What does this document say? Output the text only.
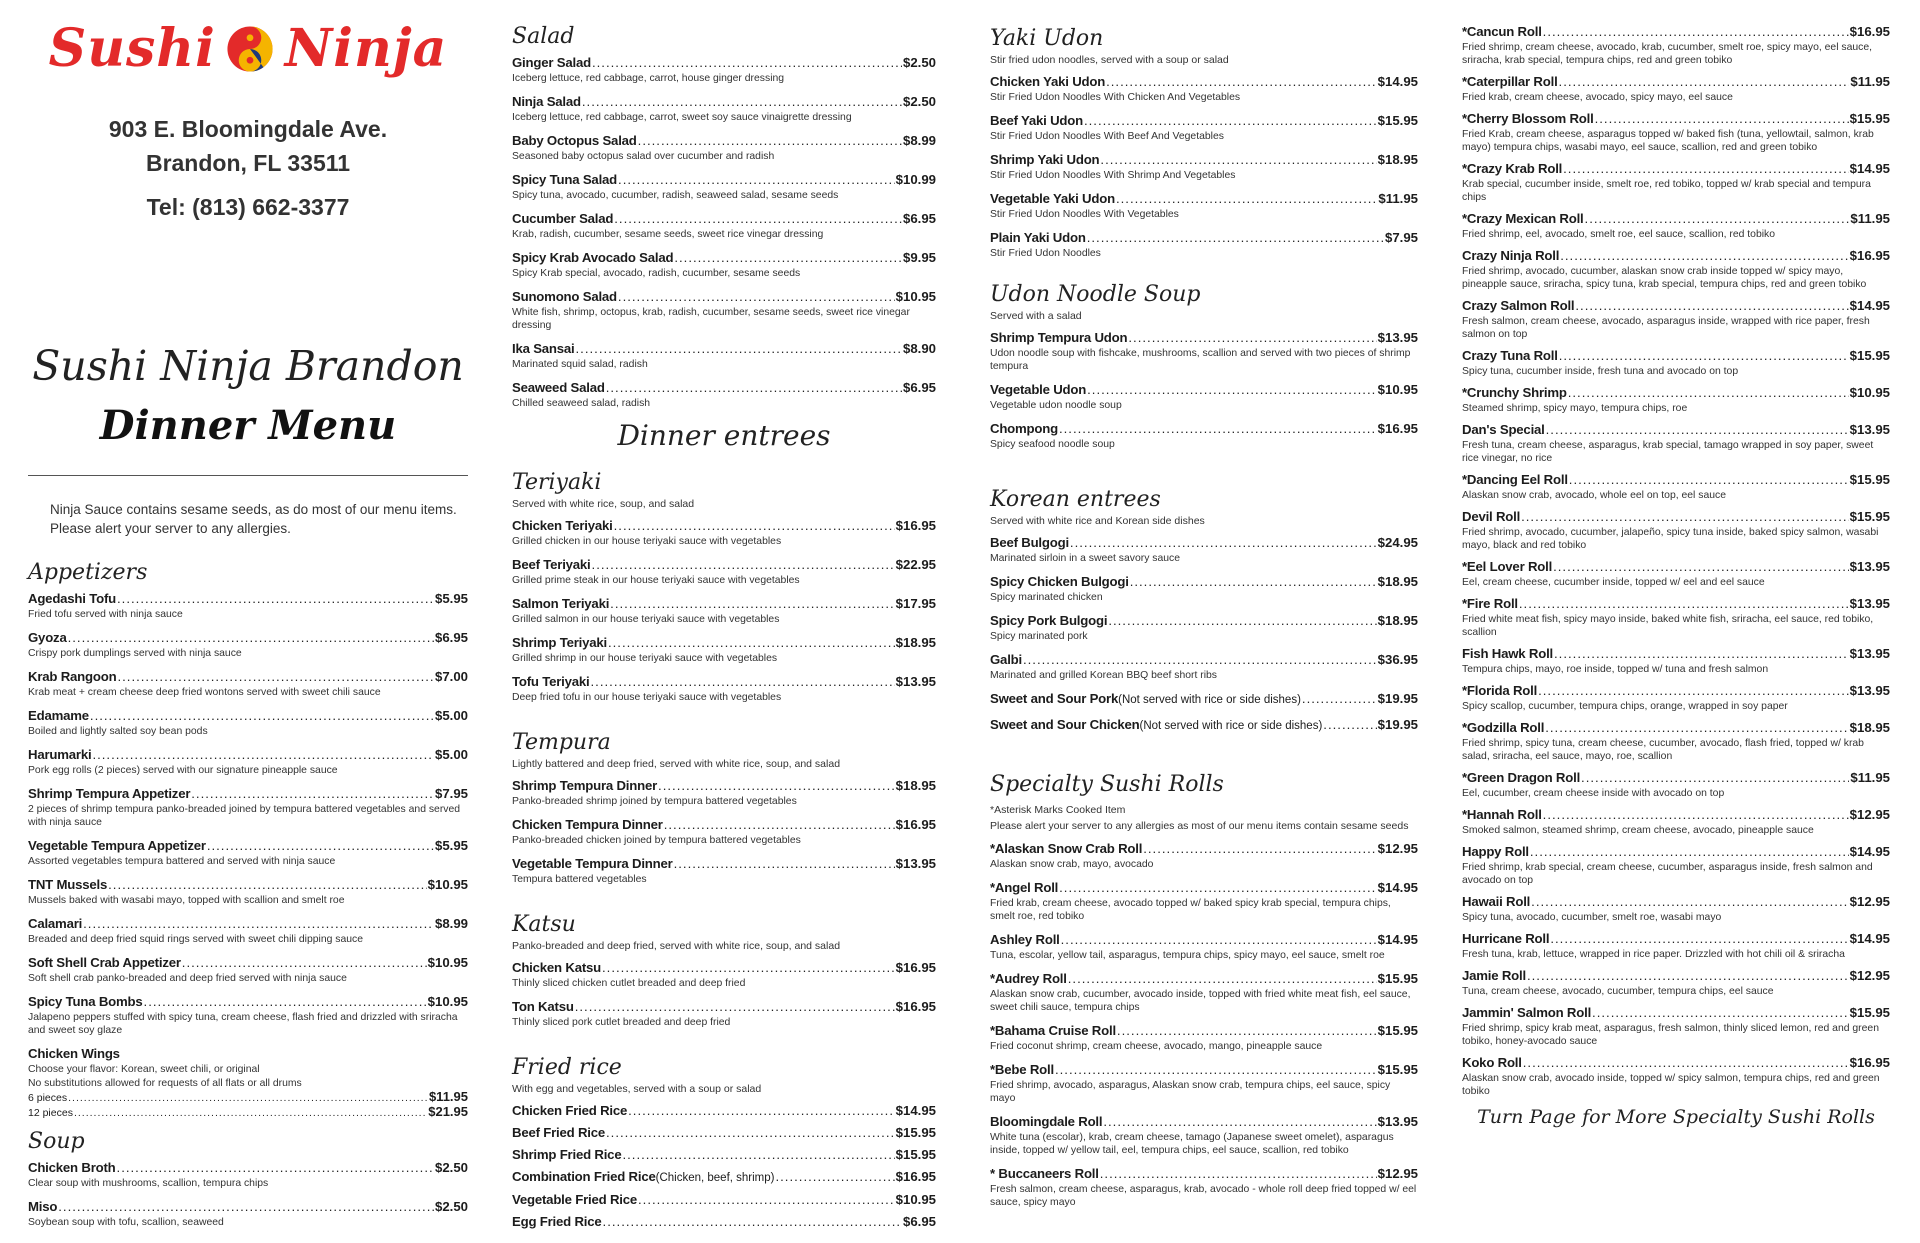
Sushi Ninja
903 E. Bloomingdale Ave.
Brandon, FL 33511
Tel: (813) 662-3377
Sushi Ninja Brandon
Dinner Menu
Ninja Sauce contains sesame seeds, as do most of our menu items. Please alert your server to any allergies.
Appetizers
Agedashi Tofu .....	$5.95
Fried tofu served with ninja sauce
Gyoza .....	$6.95
Crispy pork dumplings served with ninja sauce
Krab Rangoon .....	$7.00
Krab meat + cream cheese deep fried wontons served with sweet chili sauce
Edamame .....	$5.00
Boiled and lightly salted soy bean pods
Harumarki .....	$5.00
Pork egg rolls (2 pieces) served with our signature pineapple sauce
Shrimp Tempura Appetizer .....	$7.95
2 pieces of shrimp tempura panko-breaded joined by tempura battered vegetables and served with ninja sauce
Vegetable Tempura Appetizer .....	$5.95
Assorted vegetables tempura battered and served with ninja sauce
TNT Mussels .....	$10.95
Mussels baked with wasabi mayo, topped with scallion and smelt roe
Calamari .....	$8.99
Breaded and deep fried squid rings served with sweet chili dipping sauce
Soft Shell Crab Appetizer .....	$10.95
Soft shell crab panko-breaded and deep fried served with ninja sauce
Spicy Tuna Bombs .....	$10.95
Jalapeno peppers stuffed with spicy tuna, cream cheese, flash fried and drizzled with sriracha and sweet soy glaze
Chicken Wings
Choose your flavor: Korean, sweet chili, or original
No substitutions allowed for requests of all flats or all drums
6 pieces .....	$11.95
12 pieces .....	$21.95
Soup
Chicken Broth .....	$2.50
Clear soup with mushrooms, scallion, tempura chips
Miso .....	$2.50
Soybean soup with tofu, scallion, seaweed
Salad
Ginger Salad .....	$2.50
Iceberg lettuce, red cabbage, carrot, house ginger dressing
Ninja Salad .....	$2.50
Iceberg lettuce, red cabbage, carrot, sweet soy sauce vinaigrette dressing
Baby Octopus Salad .....	$8.99
Seasoned baby octopus salad over cucumber and radish
Spicy Tuna Salad .....	$10.99
Spicy tuna, avocado, cucumber, radish, seaweed salad, sesame seeds
Cucumber Salad .....	$6.95
Krab, radish, cucumber, sesame seeds, sweet rice vinegar dressing
Spicy Krab Avocado Salad .....	$9.95
Spicy Krab special, avocado, radish, cucumber, sesame seeds
Sunomono Salad .....	$10.95
White fish, shrimp, octopus, krab, radish, cucumber, sesame seeds, sweet rice vinegar dressing
Ika Sansai .....	$8.90
Marinated squid salad, radish
Seaweed Salad .....	$6.95
Chilled seaweed salad, radish
Dinner entrees
Teriyaki
Served with white rice, soup, and salad
Chicken Teriyaki .....	$16.95
Grilled chicken in our house teriyaki sauce with vegetables
Beef Teriyaki .....	$22.95
Grilled prime steak in our house teriyaki sauce with vegetables
Salmon Teriyaki .....	$17.95
Grilled salmon in our house teriyaki sauce with vegetables
Shrimp Teriyaki .....	$18.95
Grilled shrimp in our house teriyaki sauce with vegetables
Tofu Teriyaki .....	$13.95
Deep fried tofu in our house teriyaki sauce with vegetables
Tempura
Lightly battered and deep fried, served with white rice, soup, and salad
Shrimp Tempura Dinner .....	$18.95
Panko-breaded shrimp joined by tempura battered vegetables
Chicken Tempura Dinner .....	$16.95
Panko-breaded chicken joined by tempura battered vegetables
Vegetable Tempura Dinner .....	$13.95
Tempura battered vegetables
Katsu
Panko-breaded and deep fried, served with white rice, soup, and salad
Chicken Katsu .....	$16.95
Thinly sliced chicken cutlet breaded and deep fried
Ton Katsu .....	$16.95
Thinly sliced pork cutlet breaded and deep fried
Fried rice
With egg and vegetables, served with a soup or salad
Chicken Fried Rice .....	$14.95
Beef Fried Rice .....	$15.95
Shrimp Fried Rice .....	$15.95
Combination Fried Rice (Chicken, beef, shrimp) .....	$16.95
Vegetable Fried Rice .....	$10.95
Egg Fried Rice .....	$6.95
Yaki Udon
Stir fried udon noodles, served with a soup or salad
Chicken Yaki Udon .....	$14.95
Stir Fried Udon Noodles With Chicken And Vegetables
Beef Yaki Udon .....	$15.95
Stir Fried Udon Noodles With Beef And Vegetables
Shrimp Yaki Udon .....	$18.95
Stir Fried Udon Noodles With Shrimp And Vegetables
Vegetable Yaki Udon .....	$11.95
Stir Fried Udon Noodles With Vegetables
Plain Yaki Udon .....	$7.95
Stir Fried Udon Noodles
Udon Noodle Soup
Served with a salad
Shrimp Tempura Udon .....	$13.95
Udon noodle soup with fishcake, mushrooms, scallion and served with two pieces of shrimp tempura
Vegetable Udon .....	$10.95
Vegetable udon noodle soup
Chompong .....	$16.95
Spicy seafood noodle soup
Korean entrees
Served with white rice and Korean side dishes
Beef Bulgogi .....	$24.95
Marinated sirloin in a sweet savory sauce
Spicy Chicken Bulgogi .....	$18.95
Spicy marinated chicken
Spicy Pork Bulgogi .....	$18.95
Spicy marinated pork
Galbi .....	$36.95
Marinated and grilled Korean BBQ beef short ribs
Sweet and Sour Pork (Not served with rice or side dishes) .....	$19.95
Sweet and Sour Chicken (Not served with rice or side dishes) .....	$19.95
Specialty Sushi Rolls
*Asterisk Marks Cooked Item
Please alert your server to any allergies as most of our menu items contain sesame seeds
*Alaskan Snow Crab Roll .....	$12.95
Alaskan snow crab, mayo, avocado
*Angel Roll .....	$14.95
Fried krab, cream cheese, avocado topped w/ baked spicy krab special, tempura chips, smelt roe, red tobiko
Ashley Roll .....	$14.95
Tuna, escolar, yellow tail, asparagus, tempura chips, spicy mayo, eel sauce, smelt roe
*Audrey Roll .....	$15.95
Alaskan snow crab, cucumber, avocado inside, topped with fried white meat fish, eel sauce, sweet chili sauce, tempura chips
*Bahama Cruise Roll .....	$15.95
Fried coconut shrimp, cream cheese, avocado, mango, pineapple sauce
*Bebe Roll .....	$15.95
Fried shrimp, avocado, asparagus, Alaskan snow crab, tempura chips, eel sauce, spicy mayo
Bloomingdale Roll .....	$13.95
White tuna (escolar), krab, cream cheese, tamago (Japanese sweet omelet), asparagus inside, topped w/ yellow tail, eel, tempura chips, eel sauce, scallion, red tobiko
* Buccaneers Roll .....	$12.95
Fresh salmon, cream cheese, asparagus, krab, avocado - whole roll deep fried topped w/ eel sauce, spicy mayo
*Cancun Roll .....	$16.95
Fried shrimp, cream cheese, avocado, krab, cucumber, smelt roe, spicy mayo, eel sauce, sriracha, krab special, tempura chips, red and green tobiko
*Caterpillar Roll .....	$11.95
Fried krab, cream cheese, avocado, spicy mayo, eel sauce
*Cherry Blossom Roll .....	$15.95
Fried Krab, cream cheese, asparagus topped w/ baked fish (tuna, yellowtail, salmon, krab mayo) tempura chips, wasabi mayo, eel sauce, scallion, red and green tobiko
*Crazy Krab Roll .....	$14.95
Krab special, cucumber inside, smelt roe, red tobiko, topped w/ krab special and tempura chips
*Crazy Mexican Roll .....	$11.95
Fried shrimp, eel, avocado, smelt roe, eel sauce, scallion, red tobiko
Crazy Ninja Roll .....	$16.95
Fried shrimp, avocado, cucumber, alaskan snow crab inside topped w/ spicy mayo, pineapple sauce, sriracha, spicy tuna, krab special, tempura chips, red and green tobiko
Crazy Salmon Roll .....	$14.95
Fresh salmon, cream cheese, avocado, asparagus inside, wrapped with rice paper, fresh salmon on top
Crazy Tuna Roll .....	$15.95
Spicy tuna, cucumber inside, fresh tuna and avocado on top
*Crunchy Shrimp .....	$10.95
Steamed shrimp, spicy mayo, tempura chips, roe
Dan's Special .....	$13.95
Fresh tuna, cream cheese, asparagus, krab special, tamago wrapped in soy paper, sweet rice vinegar, no rice
*Dancing Eel Roll .....	$15.95
Alaskan snow crab, avocado, whole eel on top, eel sauce
Devil Roll .....	$15.95
Fried shrimp, avocado, cucumber, jalapeño, spicy tuna inside, baked spicy salmon, wasabi mayo, black and red tobiko
*Eel Lover Roll .....	$13.95
Eel, cream cheese, cucumber inside, topped w/ eel and eel sauce
*Fire Roll .....	$13.95
Fried white meat fish, spicy mayo inside, baked white fish, sriracha, eel sauce, red tobiko, scallion
Fish Hawk Roll .....	$13.95
Tempura chips, mayo, roe inside, topped w/ tuna and fresh salmon
*Florida Roll .....	$13.95
Spicy scallop, cucumber, tempura chips, orange, wrapped in soy paper
*Godzilla Roll .....	$18.95
Fried shrimp, spicy tuna, cream cheese, cucumber, avocado, flash fried, topped w/ krab salad, sriracha, eel sauce, mayo, roe, scallion
*Green Dragon Roll .....	$11.95
Eel, cucumber, cream cheese inside with avocado on top
*Hannah Roll .....	$12.95
Smoked salmon, steamed shrimp, cream cheese, avocado, pineapple sauce
Happy Roll .....	$14.95
Fried shrimp, krab special, cream cheese, cucumber, asparagus inside, fresh salmon and avocado on top
Hawaii Roll .....	$12.95
Spicy tuna, avocado, cucumber, smelt roe, wasabi mayo
Hurricane Roll .....	$14.95
Fresh tuna, krab, lettuce, wrapped in rice paper. Drizzled with hot chili oil & sriracha
Jamie Roll .....	$12.95
Tuna, cream cheese, avocado, cucumber, tempura chips, eel sauce
Jammin' Salmon Roll .....	$15.95
Fried shrimp, spicy krab meat, asparagus, fresh salmon, thinly sliced lemon, red and green tobiko, honey-avocado sauce
Koko Roll .....	$16.95
Alaskan snow crab, avocado inside, topped w/ spicy salmon, tempura chips, red and green tobiko
Turn Page for More Specialty Sushi Rolls
